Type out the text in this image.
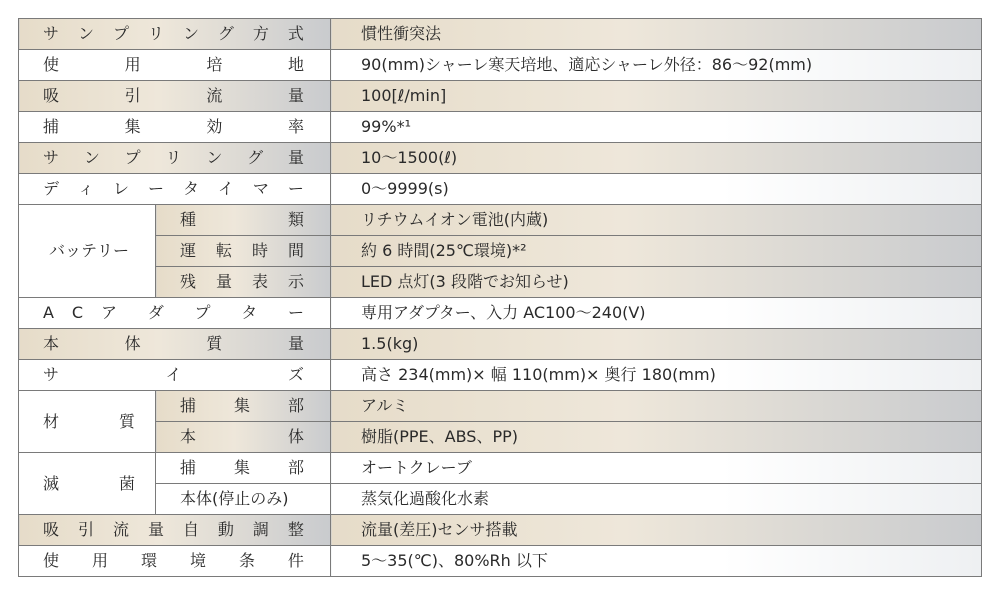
サ ン プ リ ン グ 方 式		慣性衝突法
使 用 培 地		90(mm)シャーレ寒天培地、適応シャーレ外径：86～92(mm)
吸 引 流 量		100[ℓ/min]
捕 集 効 率		99%*¹
サ ン プ リ ン グ 量		10～1500(ℓ)
デ ィ レ ー タ イ マ ー		0～9999(s)
バッテリー	種 類	リチウムイオン電池(内蔵)
	運 転 時 間	約 6 時間(25℃環境)*²
	残 量 表 示	LED 点灯(3 段階でお知らせ)
A C ア ダ プ タ ー		専用アダプター、入力 AC100～240(V)
本 体 質 量		1.5(kg)
サ イ ズ		高さ 234(mm)× 幅 110(mm)× 奥行 180(mm)
材 質	捕 集 部	アルミ
	本 体	樹脂(PPE、ABS、PP)
滅 菌	捕 集 部	オートクレーブ
	本体(停止のみ)	蒸気化過酸化水素
吸 引 流 量 自 動 調 整		流量(差圧)センサ搭載
使 用 環 境 条 件		5～35(℃)、80%Rh 以下
